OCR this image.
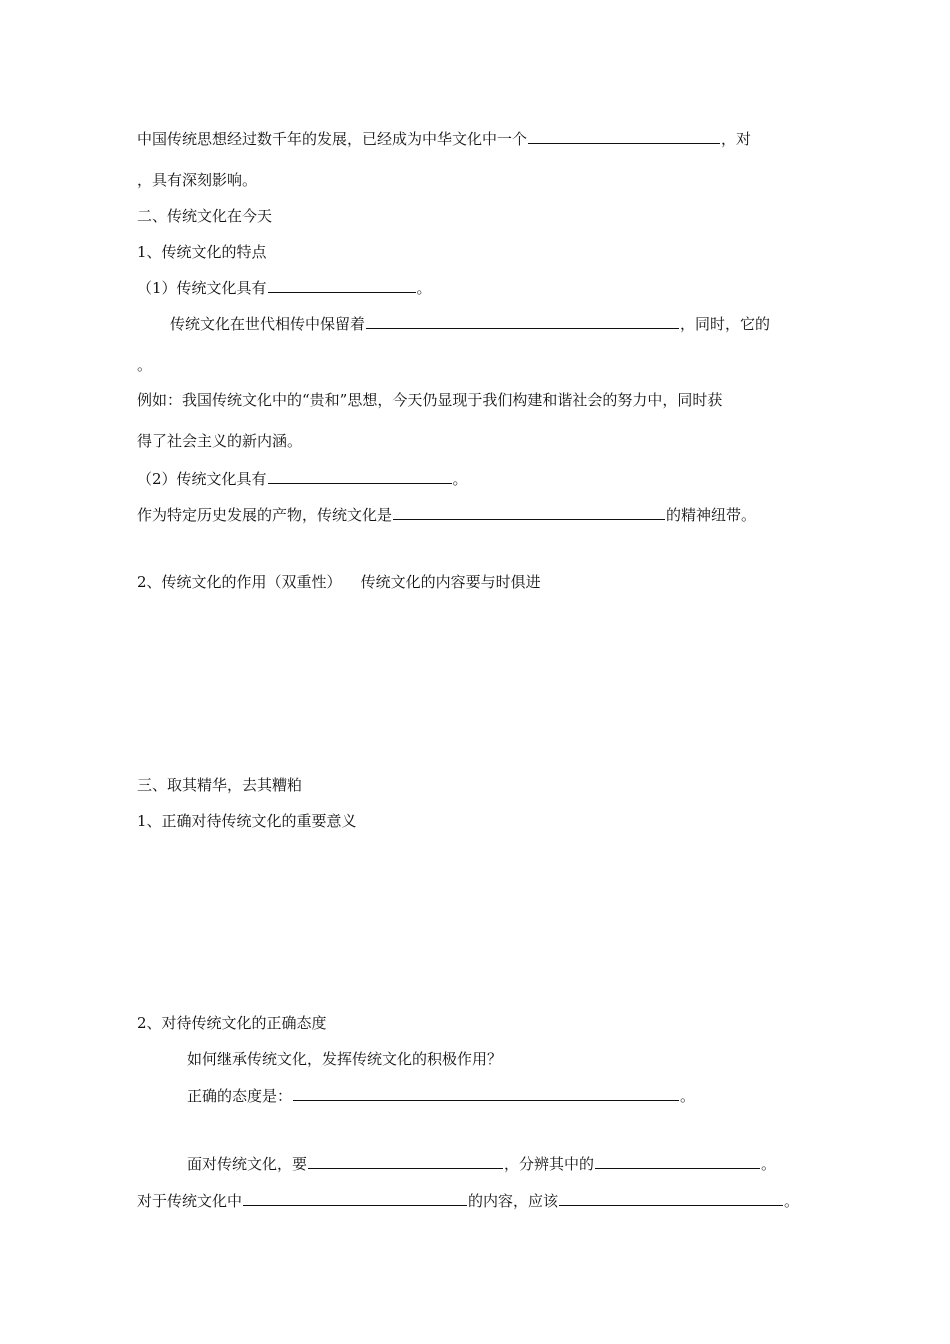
中国传统思想经过数千年的发展，已经成为中华文化中一个	，对
，具有深刻影响。
二、传统文化在今天
1、传统文化的特点
（1）传统文化具有	。
传统文化在世代相传中保留着	，同时，它的
。
例如：我国传统文化中的“贵和”思想，今天仍显现于我们构建和谐社会的努力中，同时获
得了社会主义的新内涵。
（2）传统文化具有	。
作为特定历史发展的产物，传统文化是	的精神纽带。
2、传统文化的作用（双重性）    传统文化的内容要与时俱进
三、取其精华，去其糟粕
1、正确对待传统文化的重要意义
2、对待传统文化的正确态度
如何继承传统文化，发挥传统文化的积极作用？
正确的态度是：	。
面对传统文化，要	，分辨其中的	。
对于传统文化中	的内容，应该	。
